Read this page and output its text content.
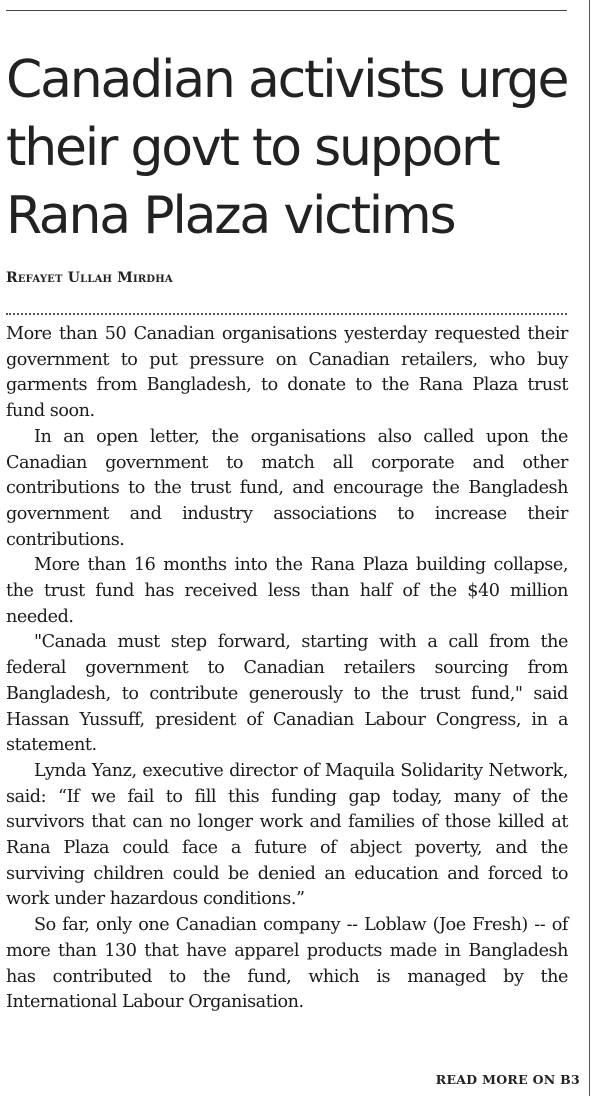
Canadian activists urge their govt to support Rana Plaza victims

Refayet Ullah Mirdha

More than 50 Canadian organisations yesterday requested their government to put pressure on Canadian retailers, who buy garments from Bangladesh, to donate to the Rana Plaza trust fund soon.

In an open letter, the organisations also called upon the Canadian government to match all corporate and other contributions to the trust fund, and encourage the Bangladesh government and industry associations to increase their contributions.

More than 16 months into the Rana Plaza building collapse, the trust fund has received less than half of the $40 million needed.

"Canada must step forward, starting with a call from the federal government to Canadian retailers sourcing from Bangladesh, to contribute generously to the trust fund," said Hassan Yussuff, president of Canadian Labour Congress, in a statement.

Lynda Yanz, executive director of Maquila Solidarity Network, said: “If we fail to fill this funding gap today, many of the survivors that can no longer work and families of those killed at Rana Plaza could face a future of abject poverty, and the surviving children could be denied an education and forced to work under hazardous conditions.”

So far, only one Canadian company -- Loblaw (Joe Fresh) -- of more than 130 that have apparel products made in Bangladesh has contributed to the fund, which is managed by the International Labour Organisation.

READ MORE ON B3
